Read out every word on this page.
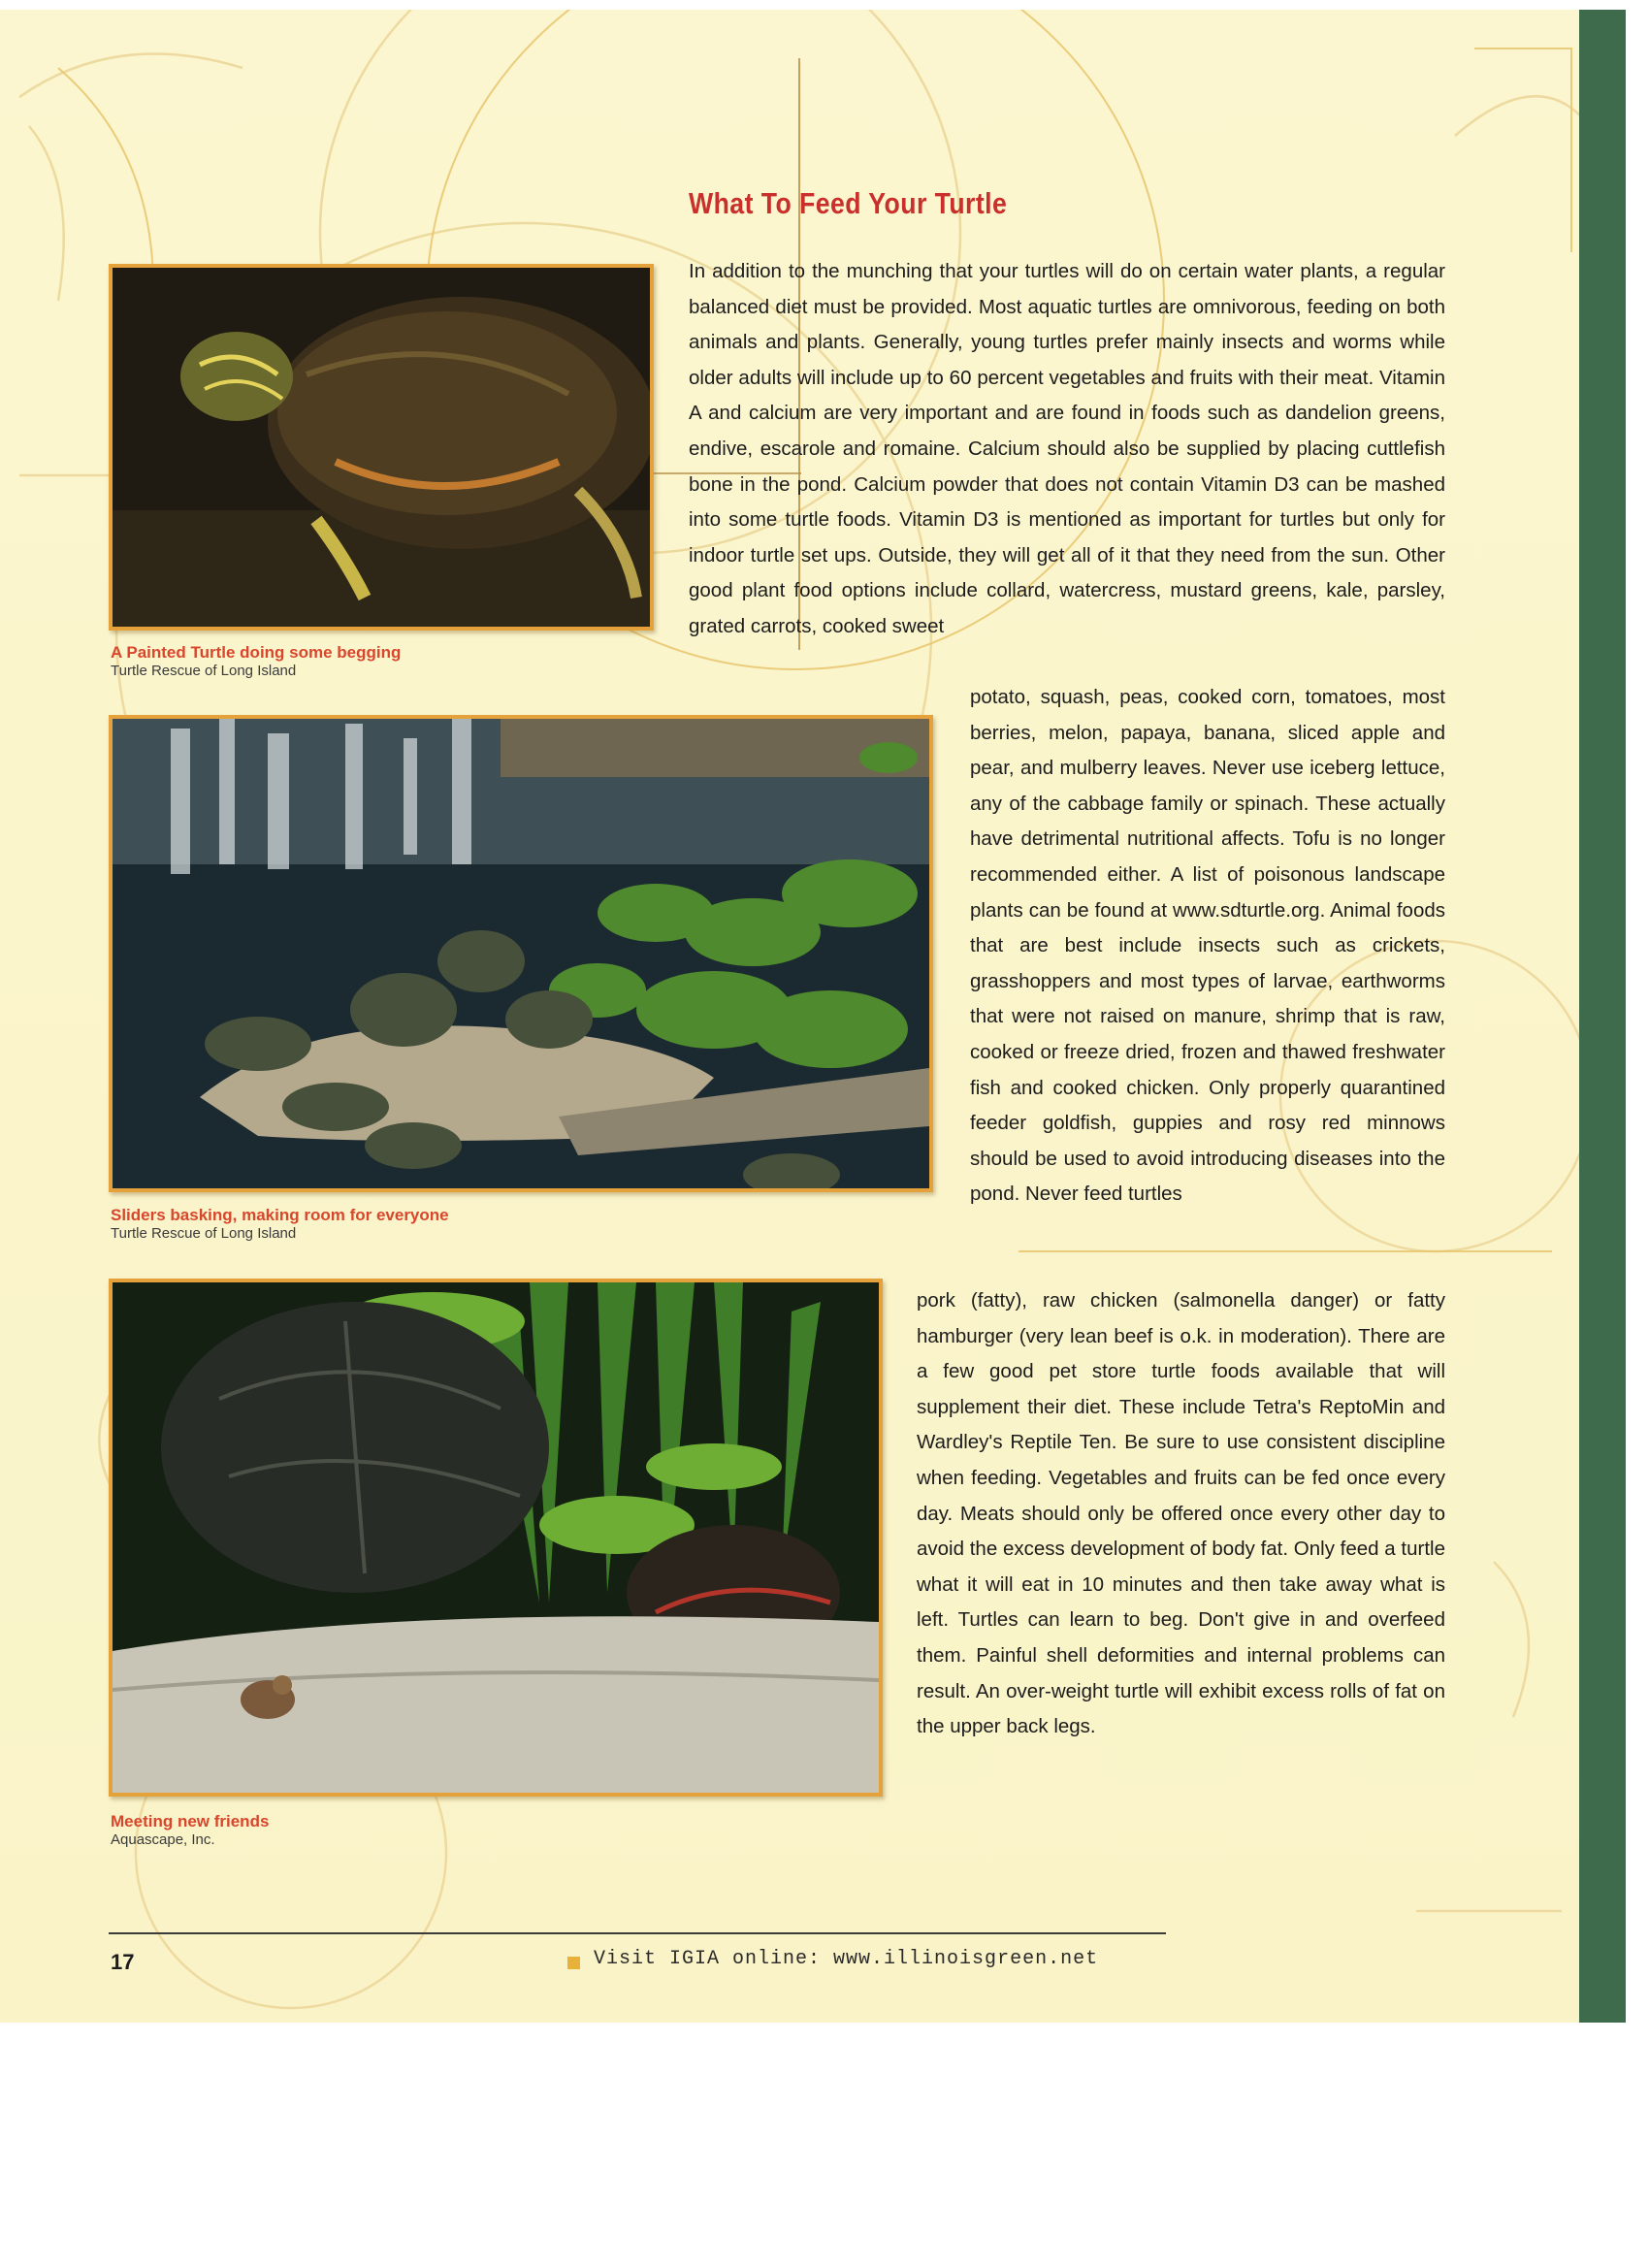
What To Feed Your Turtle
A Painted Turtle doing some begging
Turtle Rescue of Long Island
Sliders basking, making room for everyone
Turtle Rescue of Long Island
Meeting new friends
Aquascape, Inc.
In addition to the munching that your turtles will do on certain water plants, a regular balanced diet must be provided. Most aquatic turtles are omnivorous, feeding on both animals and plants. Generally, young turtles prefer mainly insects and worms while older adults will include up to 60 percent vegetables and fruits with their meat. Vitamin A and calcium are very important and are found in foods such as dandelion greens, endive, escarole and romaine. Calcium should also be supplied by placing cuttlefish bone in the pond. Calcium powder that does not contain Vitamin D3 can be mashed into some turtle foods. Vitamin D3 is mentioned as important for turtles but only for indoor turtle set ups. Outside, they will get all of it that they need from the sun. Other good plant food options include collard, watercress, mustard greens, kale, parsley, grated carrots, cooked sweet
potato, squash, peas, cooked corn, tomatoes, most berries, melon, papaya, banana, sliced apple and pear, and mulberry leaves. Never use iceberg lettuce, any of the cabbage family or spinach. These actually have detrimental nutritional affects. Tofu is no longer recommended either. A list of poisonous landscape plants can be found at www.sdturtle.org. Animal foods that are best include insects such as crickets, grasshoppers and most types of larvae, earthworms that were not raised on manure, shrimp that is raw, cooked or freeze dried, frozen and thawed freshwater fish and cooked chicken. Only properly quarantined feeder goldfish, guppies and rosy red minnows should be used to avoid introducing diseases into the pond. Never feed turtles
pork (fatty), raw chicken (salmonella danger) or fatty hamburger (very lean beef is o.k. in moderation). There are a few good pet store turtle foods available that will supplement their diet. These include Tetra's ReptoMin and Wardley's Reptile Ten. Be sure to use consistent discipline when feeding. Vegetables and fruits can be fed once every day. Meats should only be offered once every other day to avoid the excess development of body fat. Only feed a turtle what it will eat in 10 minutes and then take away what is left. Turtles can learn to beg. Don't give in and overfeed them. Painful shell deformities and internal problems can result. An over-weight turtle will exhibit excess rolls of fat on the upper back legs.
17	Visit IGIA online: www.illinoisgreen.net
